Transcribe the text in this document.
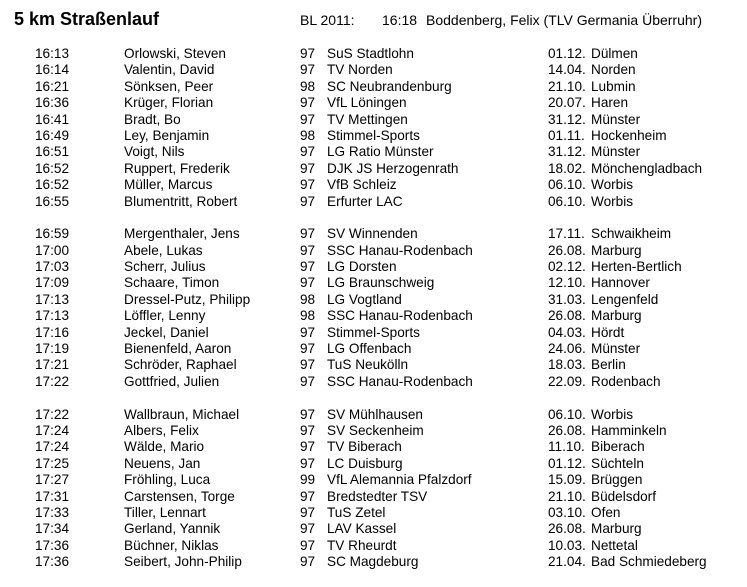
5 km Straßenlauf	BL 2011: 16:18 Boddenberg, Felix (TLV Germania Überruhr)
16:13	Orlowski, Steven	97 SuS Stadtlohn	01.12. Dülmen
16:14	Valentin, David	97 TV Norden	14.04. Norden
16:21	Sönksen, Peer	98 SC Neubrandenburg	21.10. Lubmin
16:36	Krüger, Florian	97 VfL Löningen	20.07. Haren
16:41	Bradt, Bo	97 TV Mettingen	31.12. Münster
16:49	Ley, Benjamin	98 Stimmel-Sports	01.11. Hockenheim
16:51	Voigt, Nils	97 LG Ratio Münster	31.12. Münster
16:52	Ruppert, Frederik	97 DJK JS Herzogenrath	18.02. Mönchengladbach
16:52	Müller, Marcus	97 VfB Schleiz	06.10. Worbis
16:55	Blumentritt, Robert	97 Erfurter LAC	06.10. Worbis
16:59	Mergenthaler, Jens	97 SV Winnenden	17.11. Schwaikheim
17:00	Abele, Lukas	97 SSC Hanau-Rodenbach	26.08. Marburg
17:03	Scherr, Julius	97 LG Dorsten	02.12. Herten-Bertlich
17:09	Schaare, Timon	97 LG Braunschweig	12.10. Hannover
17:13	Dressel-Putz, Philipp	98 LG Vogtland	31.03. Lengenfeld
17:13	Löffler, Lenny	98 SSC Hanau-Rodenbach	26.08. Marburg
17:16	Jeckel, Daniel	97 Stimmel-Sports	04.03. Hördt
17:19	Bienenfeld, Aaron	97 LG Offenbach	24.06. Münster
17:21	Schröder, Raphael	97 TuS Neukölln	18.03. Berlin
17:22	Gottfried, Julien	97 SSC Hanau-Rodenbach	22.09. Rodenbach
17:22	Wallbraun, Michael	97 SV Mühlhausen	06.10. Worbis
17:24	Albers, Felix	97 SV Seckenheim	26.08. Hamminkeln
17:24	Wälde, Mario	97 TV Biberach	11.10. Biberach
17:25	Neuens, Jan	97 LC Duisburg	01.12. Süchteln
17:27	Fröhling, Luca	99 VfL Alemannia Pfalzdorf	15.09. Brüggen
17:31	Carstensen, Torge	97 Bredstedter TSV	21.10. Büdelsdorf
17:33	Tiller, Lennart	97 TuS Zetel	03.10. Ofen
17:34	Gerland, Yannik	97 LAV Kassel	26.08. Marburg
17:36	Büchner, Niklas	97 TV Rheurdt	10.03. Nettetal
17:36	Seibert, John-Philip	97 SC Magdeburg	21.04. Bad Schmiedeberg
